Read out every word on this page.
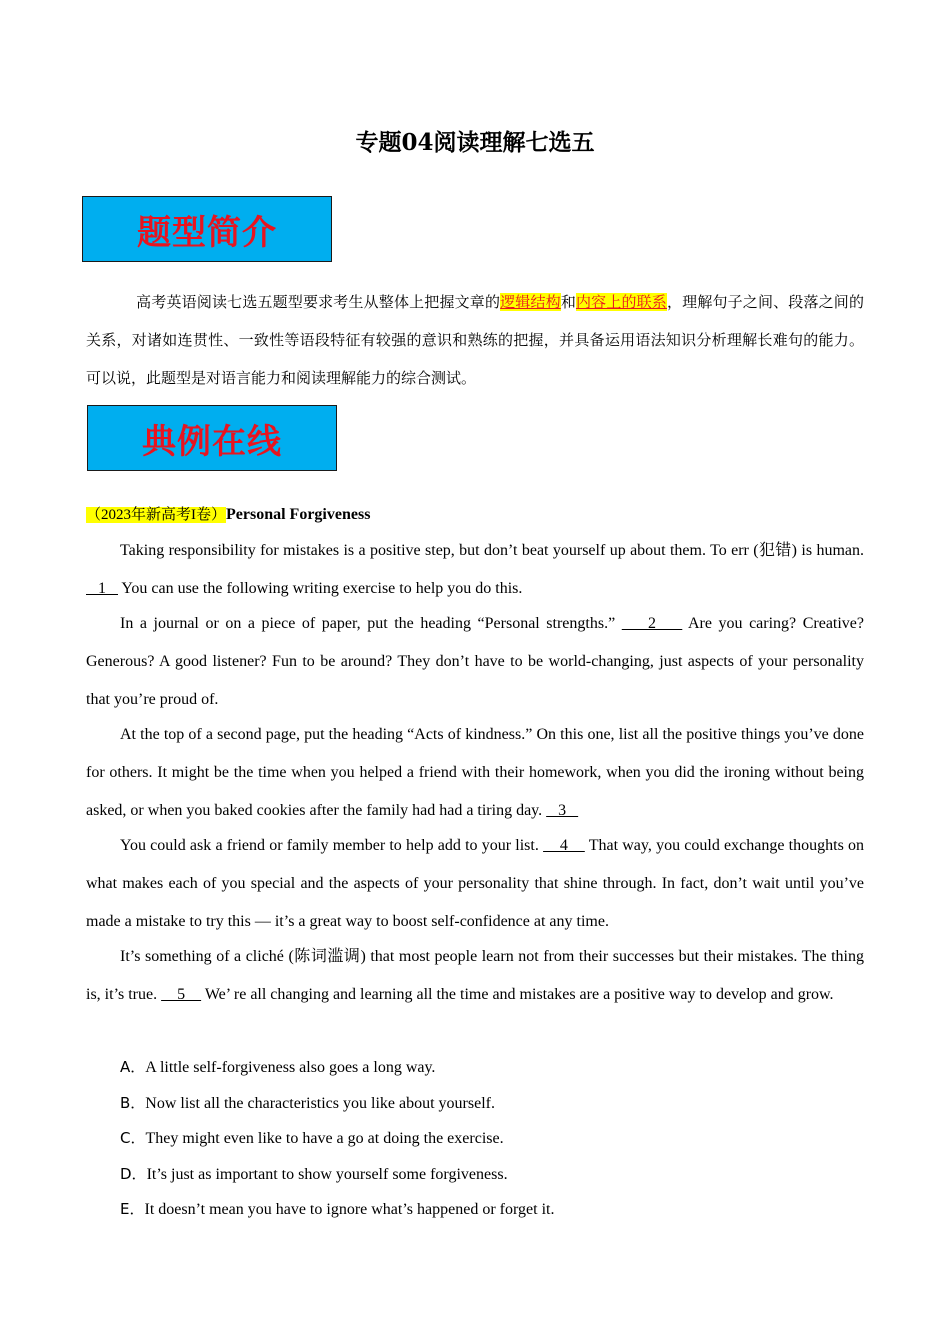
专题04阅读理解七选五
题型简介
高考英语阅读七选五题型要求考生从整体上把握文章的逻辑结构和内容上的联系，理解句子之间、段落之间的关系，对诸如连贯性、一致性等语段特征有较强的意识和熟练的把握，并具备运用语法知识分析理解长难句的能力。可以说，此题型是对语言能力和阅读理解能力的综合测试。
典例在线
（2023年新高考I卷）Personal Forgiveness

Taking responsibility for mistakes is a positive step, but don’t beat yourself up about them. To err (犯错) is human.    1    You can use the following writing exercise to help you do this.

In a journal or on a piece of paper, put the heading “Personal strengths.”     2     Are you caring? Creative? Generous? A good listener? Fun to be around? They don’t have to be world-changing, just aspects of your personality that you’re proud of.

At the top of a second page, put the heading “Acts of kindness.” On this one, list all the positive things you’ve done for others. It might be the time when you helped a friend with their homework, when you did the ironing without being asked, or when you baked cookies after the family had had a tiring day.    3

You could ask a friend or family member to help add to your list.     4     That way, you could exchange thoughts on what makes each of you special and the aspects of your personality that shine through. In fact, don’t wait until you’ve made a mistake to try this — it’s a great way to boost self-confidence at any time.

It’s something of a cliché (陈词滥调) that most people learn not from their successes but their mistakes. The thing is, it’s true.     5     We’ re all changing and learning all the time and mistakes are a positive way to develop and grow.

A．A little self-forgiveness also goes a long way.
B．Now list all the characteristics you like about yourself.
C．They might even like to have a go at doing the exercise.
D．It’s just as important to show yourself some forgiveness.
E．It doesn’t mean you have to ignore what’s happened or forget it.
